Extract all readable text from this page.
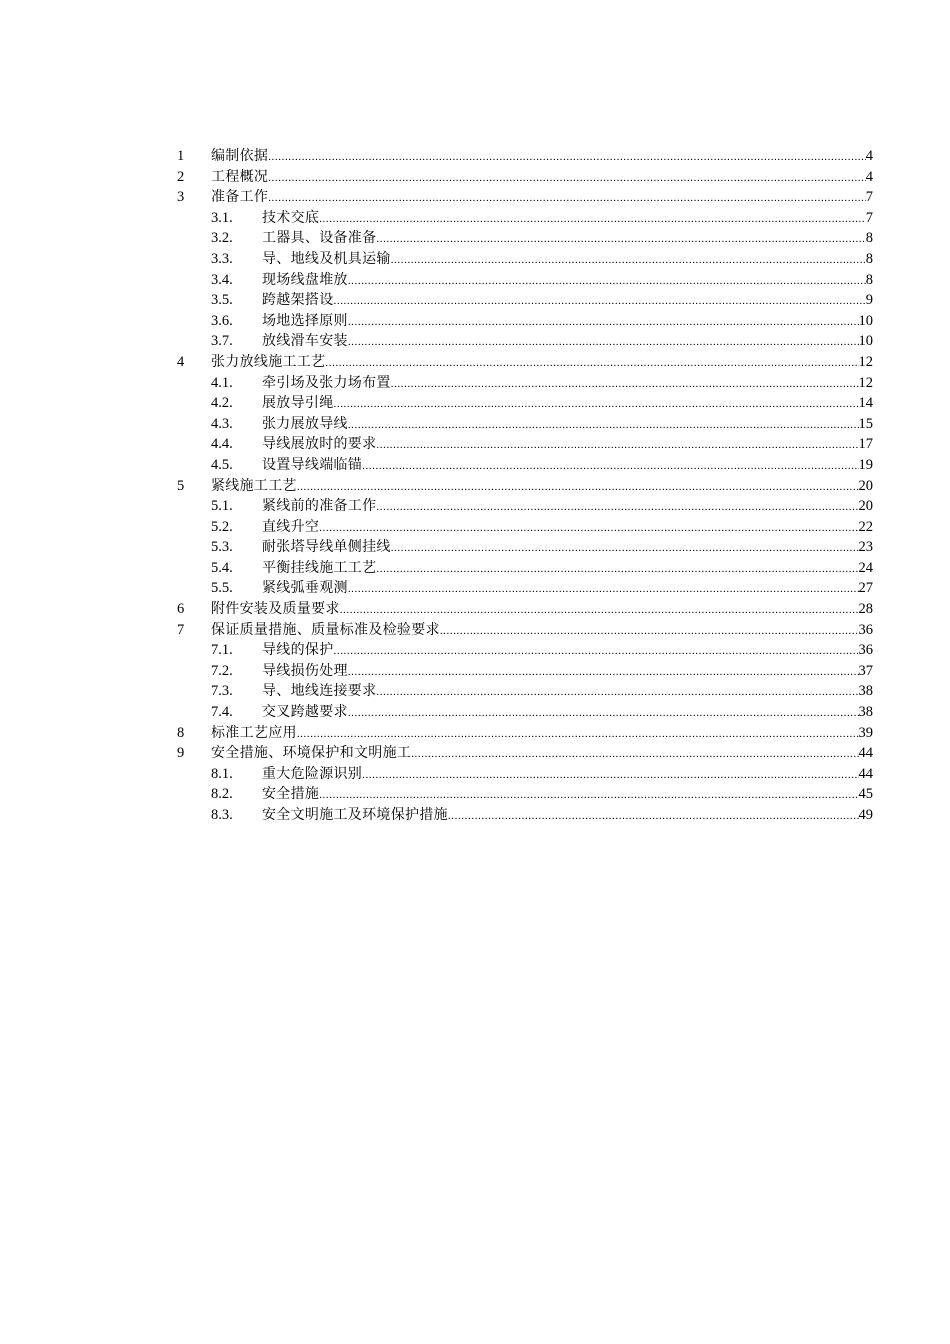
1	编制依据 .....	4
2	工程概况 .....	4
3	准备工作 .....	7
3.1.	技术交底 .....	7
3.2.	工器具、设备准备 .....	8
3.3.	导、地线及机具运输 .....	8
3.4.	现场线盘堆放 .....	8
3.5.	跨越架搭设 .....	9
3.6.	场地选择原则 .....	10
3.7.	放线滑车安装 .....	10
4	张力放线施工工艺 .....	12
4.1.	牵引场及张力场布置 .....	12
4.2.	展放导引绳 .....	14
4.3.	张力展放导线 .....	15
4.4.	导线展放时的要求 .....	17
4.5.	设置导线端临锚 .....	19
5	紧线施工工艺 .....	20
5.1.	紧线前的准备工作 .....	20
5.2.	直线升空 .....	22
5.3.	耐张塔导线单侧挂线 .....	23
5.4.	平衡挂线施工工艺 .....	24
5.5.	紧线弧垂观测 .....	27
6	附件安装及质量要求 .....	28
7	保证质量措施、质量标准及检验要求 .....	36
7.1.	导线的保护 .....	36
7.2.	导线损伤处理 .....	37
7.3.	导、地线连接要求 .....	38
7.4.	交叉跨越要求 .....	38
8	标准工艺应用 .....	39
9	安全措施、环境保护和文明施工 .....	44
8.1.	重大危险源识别 .....	44
8.2.	安全措施 .....	45
8.3.	安全文明施工及环境保护措施 .....	49
